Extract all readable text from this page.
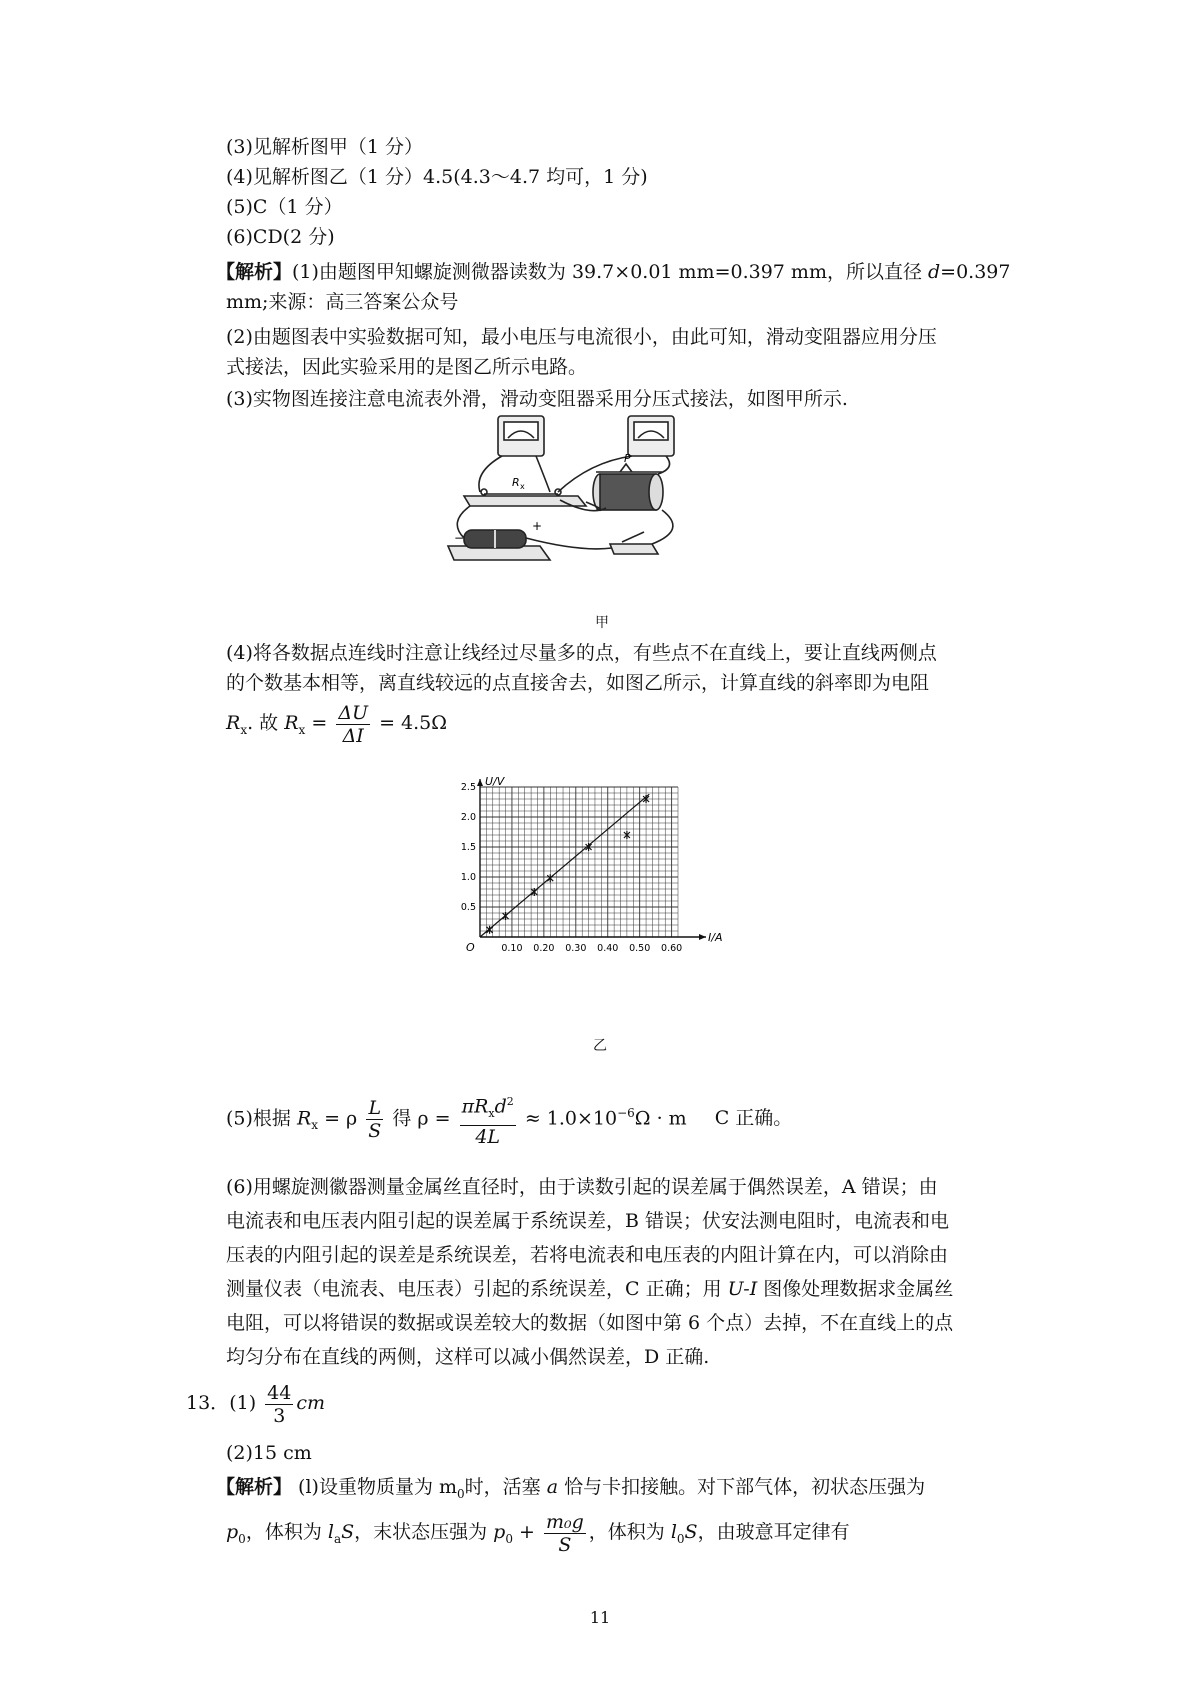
(3)见解析图甲（1 分）
(4)见解析图乙（1 分）4.5(4.3～4.7 均可，1 分)
(5)C（1 分）
(6)CD(2 分)
【解析】(1)由题图甲知螺旋测微器读数为 39.7×0.01 mm=0.397 mm，所以直径 d=0.397
mm;来源：高三答案公众号
(2)由题图表中实验数据可知，最小电压与电流很小，由此可知，滑动变阻器应用分压
式接法，因此实验采用的是图乙所示电路。
(3)实物图连接注意电流表外滑，滑动变阻器采用分压式接法，如图甲所示.
R x
P
+
−
甲
(4)将各数据点连线时注意让线经过尽量多的点，有些点不在直线上，要让直线两侧点
的个数基本相等，离直线较远的点直接舍去，如图乙所示，计算直线的斜率即为电阻
$R_x$. 故 $R_x = \frac{\Delta U}{\Delta I} = 4.5\Omega$
U/V
I/A
O	0.10 0.20 0.30 0.40 0.50 0.60
0.5
1.0
1.5
2.0
2.5
乙
(5)根据 $R_x = \rho \frac{L}{S}$ 得 $\rho = \frac{\pi R_xd^2}{4L} \approx 1.0\times 10^{-6}\Omega \cdot m$ C 正确。
(6)用螺旋测徽器测量金属丝直径时，由于读数引起的误差属于偶然误差，A 错误；由
电流表和电压表内阻引起的误差属于系统误差，B 错误；伏安法测电阻时，电流表和电
压表的内阻引起的误差是系统误差，若将电流表和电压表的内阻计算在内，可以消除由
测量仪表（电流表、电压表）引起的系统误差，C 正确；用 U-I 图像处理数据求金属丝
电阻，可以将错误的数据或误差较大的数据（如图中第 6 个点）去掉，不在直线上的点
均匀分布在直线的两侧，这样可以减小偶然误差，D 正确.
13．$(1) \frac{44}{3}$ cm
(2)15 cm
【解析】 (l)设重物质量为 $m_0$时，活塞 a 恰与卡扣接触。对下部气体，初状态压强为
$p_0$，体积为 $l_aS$，末状态压强为 $p_0 + \frac{\text{m₀g}}{S}$ ，体积为 $l_0S$，由玻意耳定律有
11
